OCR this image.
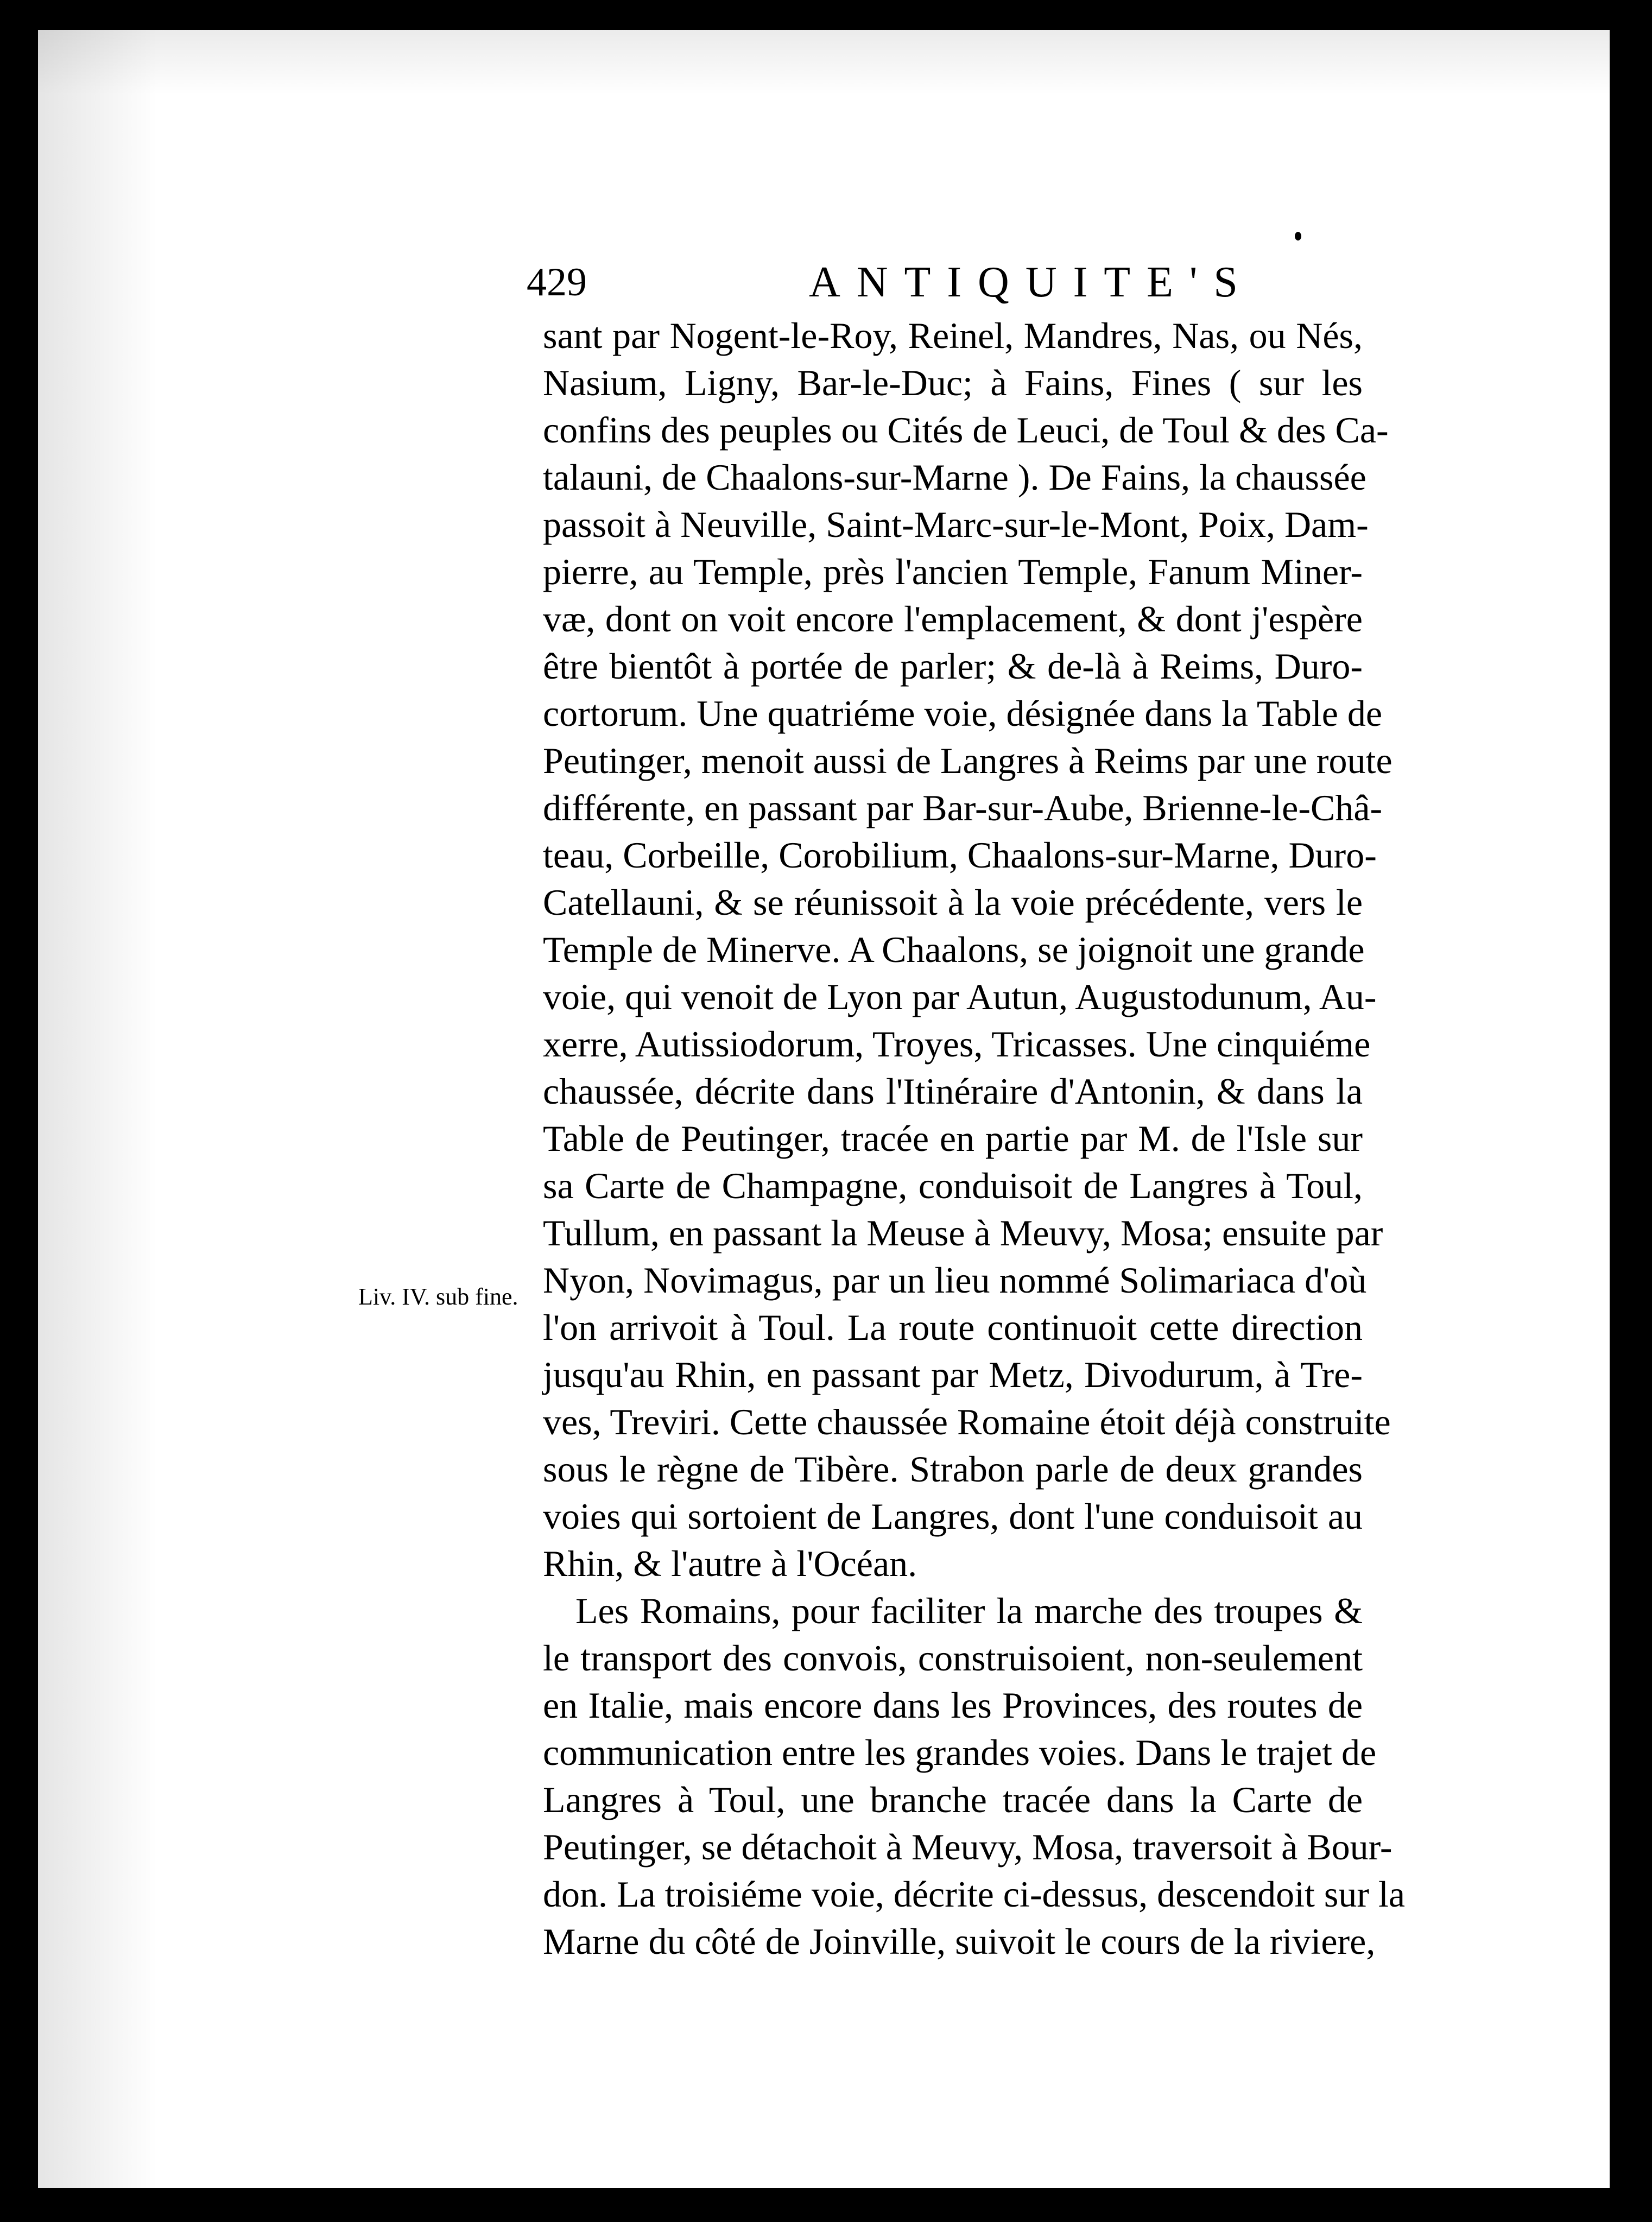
429	ANTIQUITE'S
Liv. IV. sub fine.
sant par Nogent-le-Roy, Reinel, Mandres, Nas, ou Nés,
Nasium, Ligny, Bar-le-Duc; à Fains, Fines ( sur les
confins des peuples ou Cités de Leuci, de Toul & des Ca-
talauni, de Chaalons-sur-Marne ). De Fains, la chaussée
passoit à Neuville, Saint-Marc-sur-le-Mont, Poix, Dam-
pierre, au Temple, près l'ancien Temple, Fanum Miner-
væ, dont on voit encore l'emplacement, & dont j'espère
être bientôt à portée de parler; & de-là à Reims, Duro-
cortorum. Une quatriéme voie, désignée dans la Table de
Peutinger, menoit aussi de Langres à Reims par une route
différente, en passant par Bar-sur-Aube, Brienne-le-Châ-
teau, Corbeille, Corobilium, Chaalons-sur-Marne, Duro-
Catellauni, & se réunissoit à la voie précédente, vers le
Temple de Minerve. A Chaalons, se joignoit une grande
voie, qui venoit de Lyon par Autun, Augustodunum, Au-
xerre, Autissiodorum, Troyes, Tricasses. Une cinquiéme
chaussée, décrite dans l'Itinéraire d'Antonin, & dans la
Table de Peutinger, tracée en partie par M. de l'Isle sur
sa Carte de Champagne, conduisoit de Langres à Toul,
Tullum, en passant la Meuse à Meuvy, Mosa; ensuite par
Nyon, Novimagus, par un lieu nommé Solimariaca d'où
l'on arrivoit à Toul. La route continuoit cette direction
jusqu'au Rhin, en passant par Metz, Divodurum, à Tre-
ves, Treviri. Cette chaussée Romaine étoit déjà construite
sous le règne de Tibère. Strabon parle de deux grandes
voies qui sortoient de Langres, dont l'une conduisoit au
Rhin, & l'autre à l'Océan.
Les Romains, pour faciliter la marche des troupes &
le transport des convois, construisoient, non-seulement
en Italie, mais encore dans les Provinces, des routes de
communication entre les grandes voies. Dans le trajet de
Langres à Toul, une branche tracée dans la Carte de
Peutinger, se détachoit à Meuvy, Mosa, traversoit à Bour-
don. La troisiéme voie, décrite ci-dessus, descendoit sur la
Marne du côté de Joinville, suivoit le cours de la riviere,
